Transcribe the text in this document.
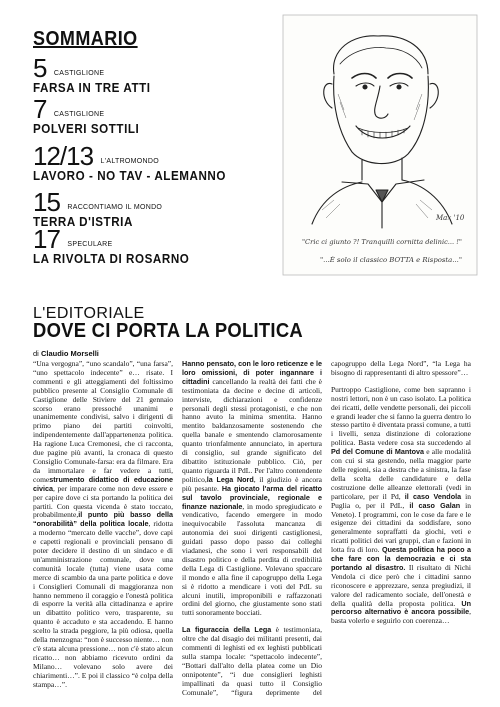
SOMMARIO
5 CASTIGLIONE
FARSA IN TRE ATTI
7 CASTIGLIONE
POLVERI SOTTILI
12/13 L'ALTROMONDO
LAVORO - NO TAV - ALEMANNO
15 RACCONTIAMO IL MONDO
TERRA D'ISTRIA
17 SPECULARE
LA RIVOLTA DI ROSARNO
Max '10
"Cric ci giunto ?! Tranquilli cornitta delinic... !"
"...È solo il classico BOTTA e Risposta..."
L'EDITORIALE
DOVE CI PORTA LA POLITICA
di Claudio Morselli

“Una vergogna”, “uno scandalo”, “una farsa”, “uno spettacolo indecente” e… risate. I commenti e gli atteggiamenti del foltissimo pubblico presente al Consiglio Comunale di Castiglione delle Stiviere del 21 gennaio scorso erano pressoché unanimi e unanimemente condivisi, salvo i dirigenti di primo piano dei partiti coinvolti, indipendentemente dall'appartenenza politica. Ha ragione Luca Cremonesi, che ci racconta, due pagine più avanti, la cronaca di questo Consiglio Comunale-farsa: era da filmare. Era da immortalare e far vedere a tutti, comestrumento didattico di educazione civica, per imparare come non deve essere e per capire dove ci sta portando la politica dei partiti. Con questa vicenda è stato toccato, probabilmente,il punto più basso della “onorabilità” della politica locale, ridotta a moderno “mercato delle vacche”, dove capi e capetti regionali e provinciali pensano di poter decidere il destino di un sindaco e di un'amministrazione comunale, dove una comunità locale (tutta) viene usata come merce di scambio da una parte politica e dove i Consiglieri Comunali di maggioranza non hanno nemmeno il coraggio e l'onestà politica di esporre la verità alla cittadinanza e aprire un dibattito politico vero, trasparente, su quanto è accaduto e sta accadendo. E hanno scelto la strada peggiore, la più odiosa, quella della menzogna: “non è successo niente… non c'è stata alcuna pressione… non c'è stato alcun ricatto… non abbiamo ricevuto ordini da Milano… volevano solo avere dei chiarimenti…”. E poi il classico “è colpa della stampa…”.

Hanno pensato, con le loro reticenze e le loro omissioni, di poter ingannare i cittadini cancellando la realtà dei fatti che è testimoniata da decine e decine di articoli, interviste, dichiarazioni e confidenze personali degli stessi protagonisti, e che non hanno avuto la minima smentita. Hanno mentito baldanzosamente sostenendo che quella banale e smentendo clamorosamente quanto trionfalmente annunciato, in apertura di consiglio, sul grande significato del dibattito istituzionale pubblico. Ciò, per quanto riguarda il PdL. Per l'altro contendente politico,la Lega Nord, il giudizio è ancora più pesante. Ha giocato l'arma del ricatto sul tavolo provinciale, regionale e finanze nazionale, in modo spregiudicato e vendicativo, facendo emergere in modo inequivocabile l'assoluta mancanza di autonomia dei suoi dirigenti castiglionesi, guidati passo dopo passo dai colleghi viadanesi, che sono i veri responsabili del disastro politico e della perdita di credibilità della Lega di Castiglione. Volevano spaccare il mondo e alla fine il capogruppo della Lega si è ridotto a mendicare i voti del PdL su alcuni inutili, improponibili e raffazzonati ordini del giorno, che giustamente sono stati tutti sonoramente bocciati.

La figuraccia della Lega è testimoniata, oltre che dal disagio dei militanti presenti, dai commenti di leghisti ed ex leghisti pubblicati sulla stampa locale: “spettacolo indecente”, “Bottari dall'alto della platea come un Dio onnipotente”, “i due consiglieri leghisti impallinati da quasi tutto il Consiglio Comunale”, “figura deprimente del capogruppo della Lega Nord”, “la Lega ha bisogno di rappresentanti di altro spessore”…

Purtroppo Castiglione, come ben sapranno i nostri lettori, non è un caso isolato. La politica dei ricatti, delle vendette personali, dei piccoli e grandi leader che si fanno la guerra dentro lo stesso partito è diventata prassi comune, a tutti i livelli, senza distinzione di colorazione politica. Basta vedere cosa sta succedendo al Pd del Comune di Mantova e alle modalità con cui si sta gestendo, nella maggior parte delle regioni, sia a destra che a sinistra, la fase della scelta delle candidature e della costruzione delle alleanze elettorali (vedi in particolare, per il Pd, il caso Vendola in Puglia o, per il PdL, il caso Galan in Veneto). I programmi, con le cose da fare e le esigenze dei cittadini da soddisfare, sono generalmente sopraffatti da giochi, veti e ricatti politici dei vari gruppi, clan e fazioni in lotta fra di loro. Questa politica ha poco a che fare con la democrazia e ci sta portando al disastro. Il risultato di Nichi Vendola ci dice però che i cittadini sanno riconoscere e apprezzare, senza pregiudizi, il valore del radicamento sociale, dell'onestà e della qualità della proposta politica. Un percorso alternativo è ancora possibile, basta volerlo e seguirlo con coerenza…
